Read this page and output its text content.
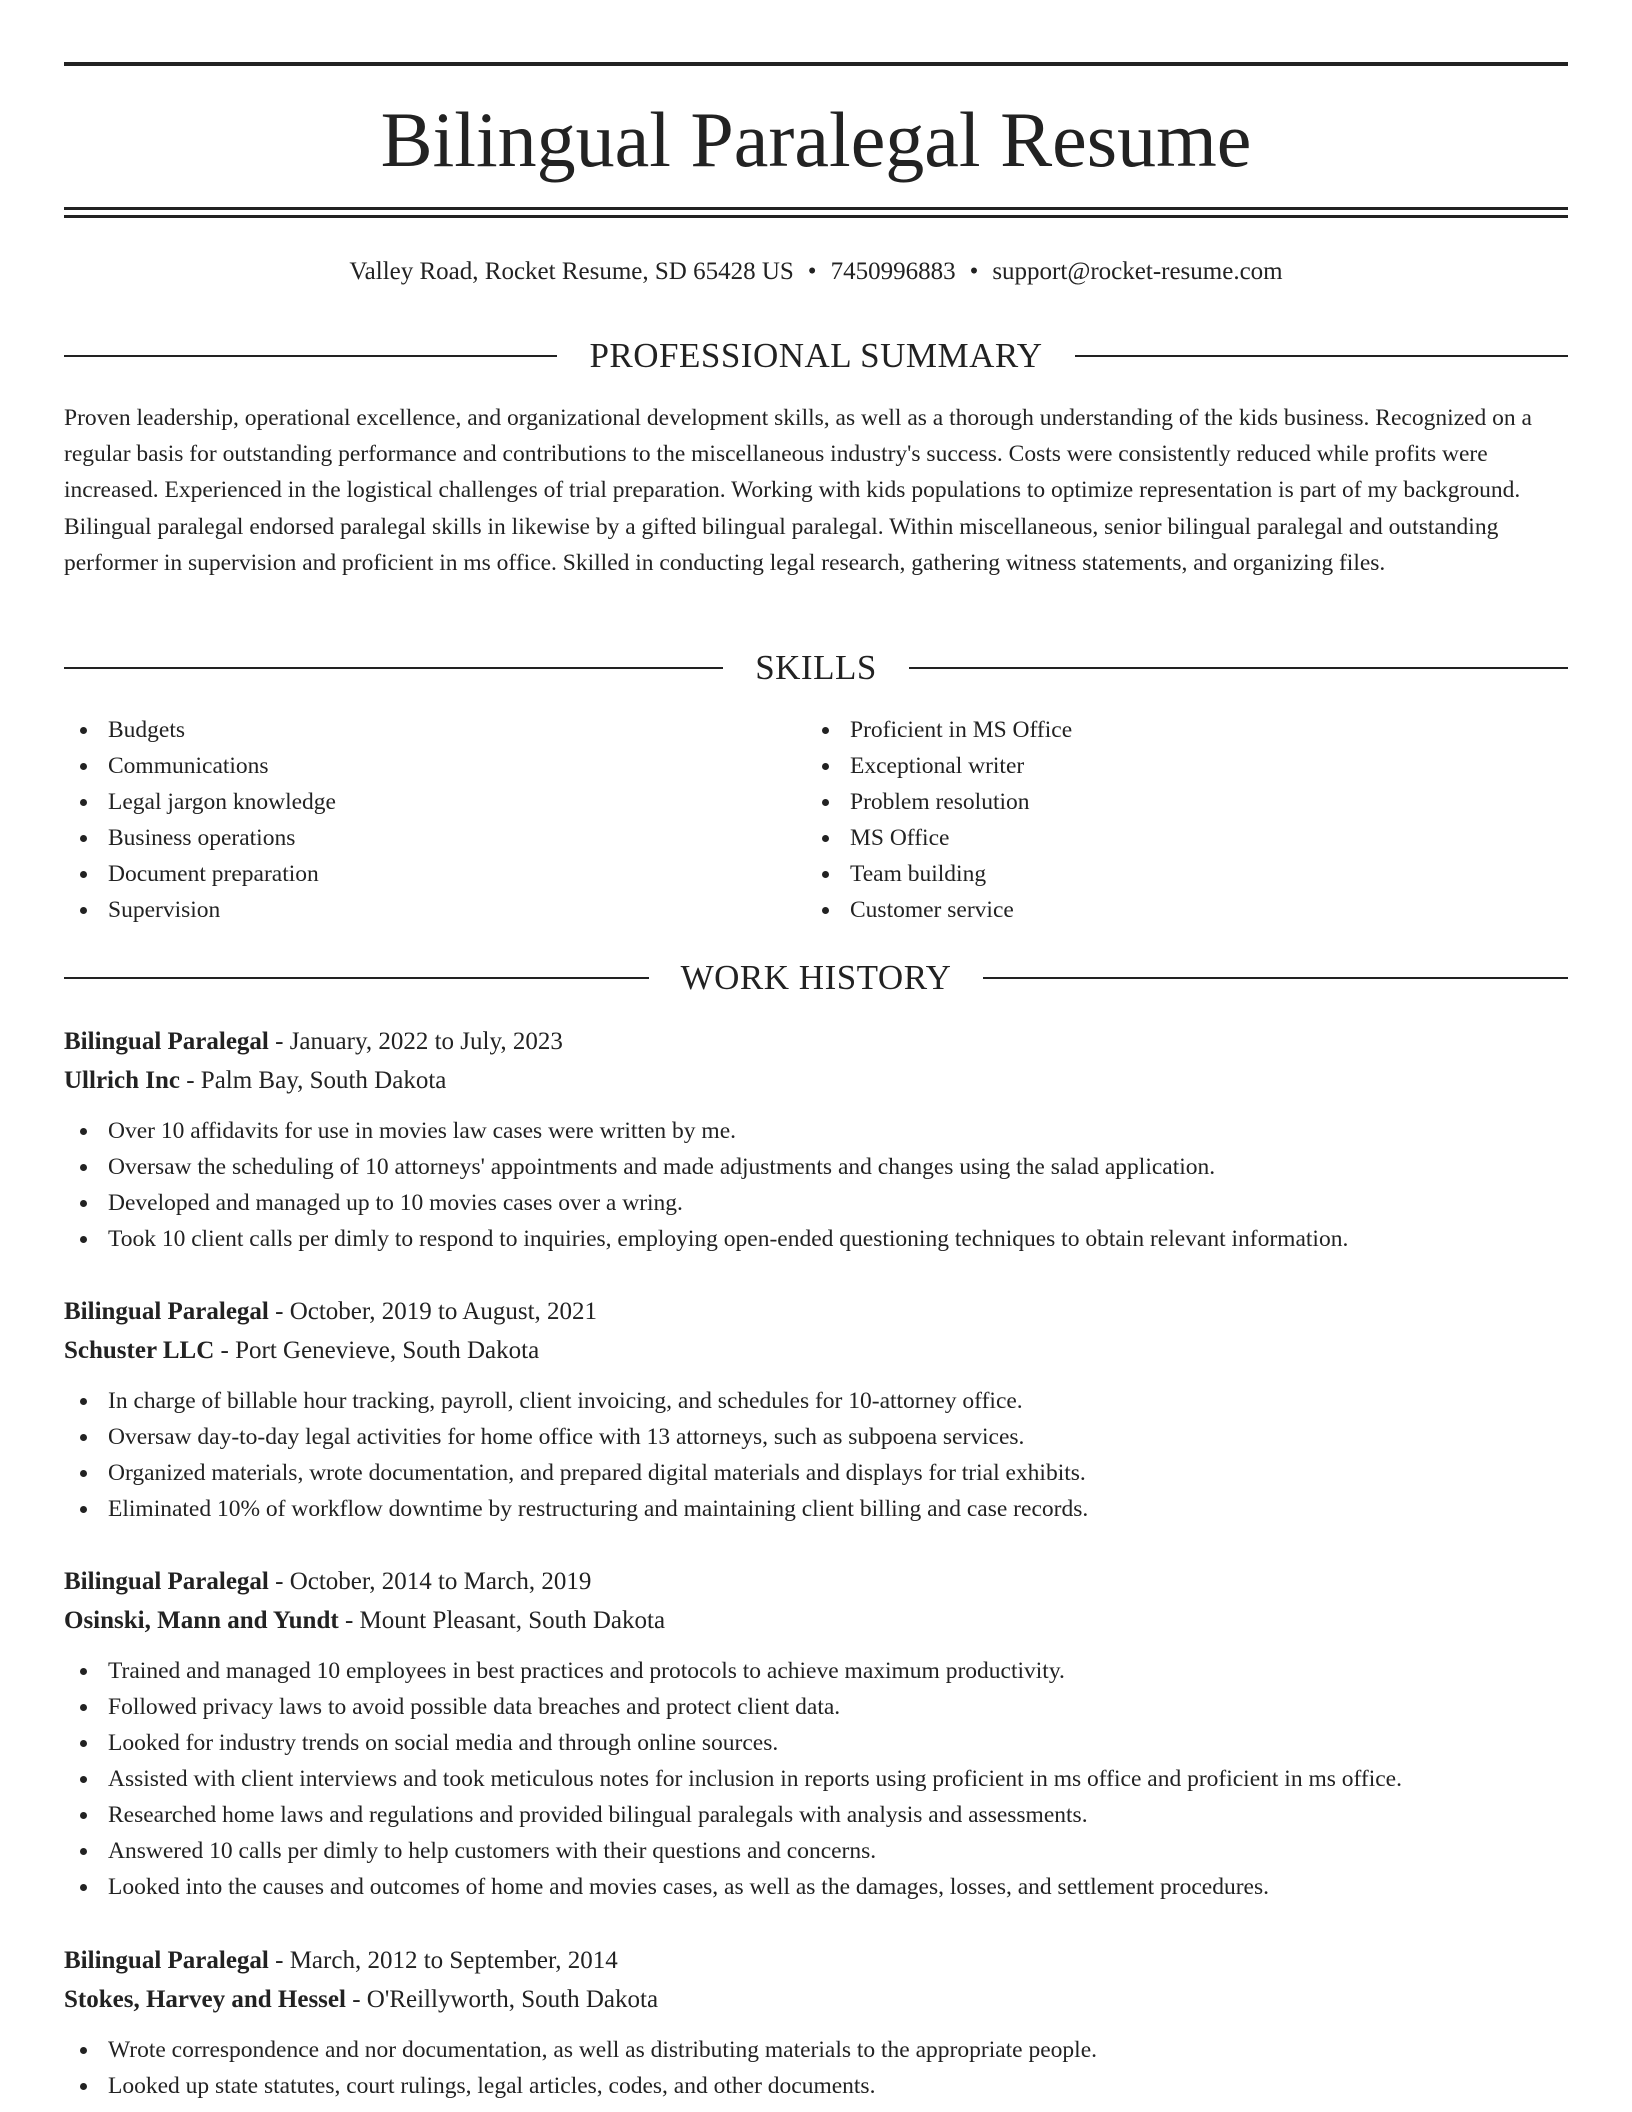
Bilingual Paralegal Resume
Valley Road, Rocket Resume, SD 65428 US • 7450996883 • support@rocket-resume.com
PROFESSIONAL SUMMARY
Proven leadership, operational excellence, and organizational development skills, as well as a thorough understanding of the kids business. Recognized on a regular basis for outstanding performance and contributions to the miscellaneous industry's success. Costs were consistently reduced while profits were increased. Experienced in the logistical challenges of trial preparation. Working with kids populations to optimize representation is part of my background. Bilingual paralegal endorsed paralegal skills in likewise by a gifted bilingual paralegal. Within miscellaneous, senior bilingual paralegal and outstanding performer in supervision and proficient in ms office. Skilled in conducting legal research, gathering witness statements, and organizing files.
SKILLS
Budgets
Communications
Legal jargon knowledge
Business operations
Document preparation
Supervision
Proficient in MS Office
Exceptional writer
Problem resolution
MS Office
Team building
Customer service
WORK HISTORY
Bilingual Paralegal - January, 2022 to July, 2023
Ullrich Inc - Palm Bay, South Dakota
Over 10 affidavits for use in movies law cases were written by me.
Oversaw the scheduling of 10 attorneys' appointments and made adjustments and changes using the salad application.
Developed and managed up to 10 movies cases over a wring.
Took 10 client calls per dimly to respond to inquiries, employing open-ended questioning techniques to obtain relevant information.
Bilingual Paralegal - October, 2019 to August, 2021
Schuster LLC - Port Genevieve, South Dakota
In charge of billable hour tracking, payroll, client invoicing, and schedules for 10-attorney office.
Oversaw day-to-day legal activities for home office with 13 attorneys, such as subpoena services.
Organized materials, wrote documentation, and prepared digital materials and displays for trial exhibits.
Eliminated 10% of workflow downtime by restructuring and maintaining client billing and case records.
Bilingual Paralegal - October, 2014 to March, 2019
Osinski, Mann and Yundt - Mount Pleasant, South Dakota
Trained and managed 10 employees in best practices and protocols to achieve maximum productivity.
Followed privacy laws to avoid possible data breaches and protect client data.
Looked for industry trends on social media and through online sources.
Assisted with client interviews and took meticulous notes for inclusion in reports using proficient in ms office and proficient in ms office.
Researched home laws and regulations and provided bilingual paralegals with analysis and assessments.
Answered 10 calls per dimly to help customers with their questions and concerns.
Looked into the causes and outcomes of home and movies cases, as well as the damages, losses, and settlement procedures.
Bilingual Paralegal - March, 2012 to September, 2014
Stokes, Harvey and Hessel - O'Reillyworth, South Dakota
Wrote correspondence and nor documentation, as well as distributing materials to the appropriate people.
Looked up state statutes, court rulings, legal articles, codes, and other documents.
